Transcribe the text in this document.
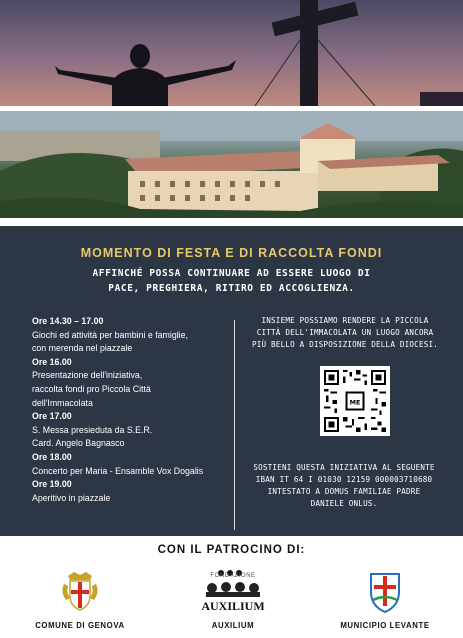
MOMENTO DI FESTA E DI RACCOLTA FONDI
AFFINCHÉ POSSA CONTINUARE AD ESSERE LUOGO DI
PACE, PREGHIERA, RITIRO ED ACCOGLIENZA.
Ore 14.30 – 17.00
Giochi ed attività per bambini e famiglie,
con merenda nel piazzale
Ore 16.00
Presentazione dell'iniziativa,
raccolta fondi pro Piccola Città
dell'Immacolata
Ore 17.00
S. Messa presieduta da S.E.R.
Card. Angelo Bagnasco
Ore 18.00
Concerto per Maria - Ensamble Vox Dogalis
Ore 19.00
Aperitivo in piazzale
INSIEME POSSIAMO RENDERE LA PICCOLA
CITTÀ DELL'IMMACOLATA UN LUOGO ANCORA
PIÙ BELLO A DISPOSIZIONE DELLA DIOCESI.
ME
SOSTIENI QUESTA INIZIATIVA AL SEGUENTE
IBAN IT 64 I 01030 12159 000003710680
INTESTATO A DOMUS FAMILIAE PADRE
DANIELE ONLUS.
CON IL PATROCINO DI:
COMUNE DI GENOVA
FONDAZIONE
AUXILIUM
AUXILIUM	MUNICIPIO LEVANTE
